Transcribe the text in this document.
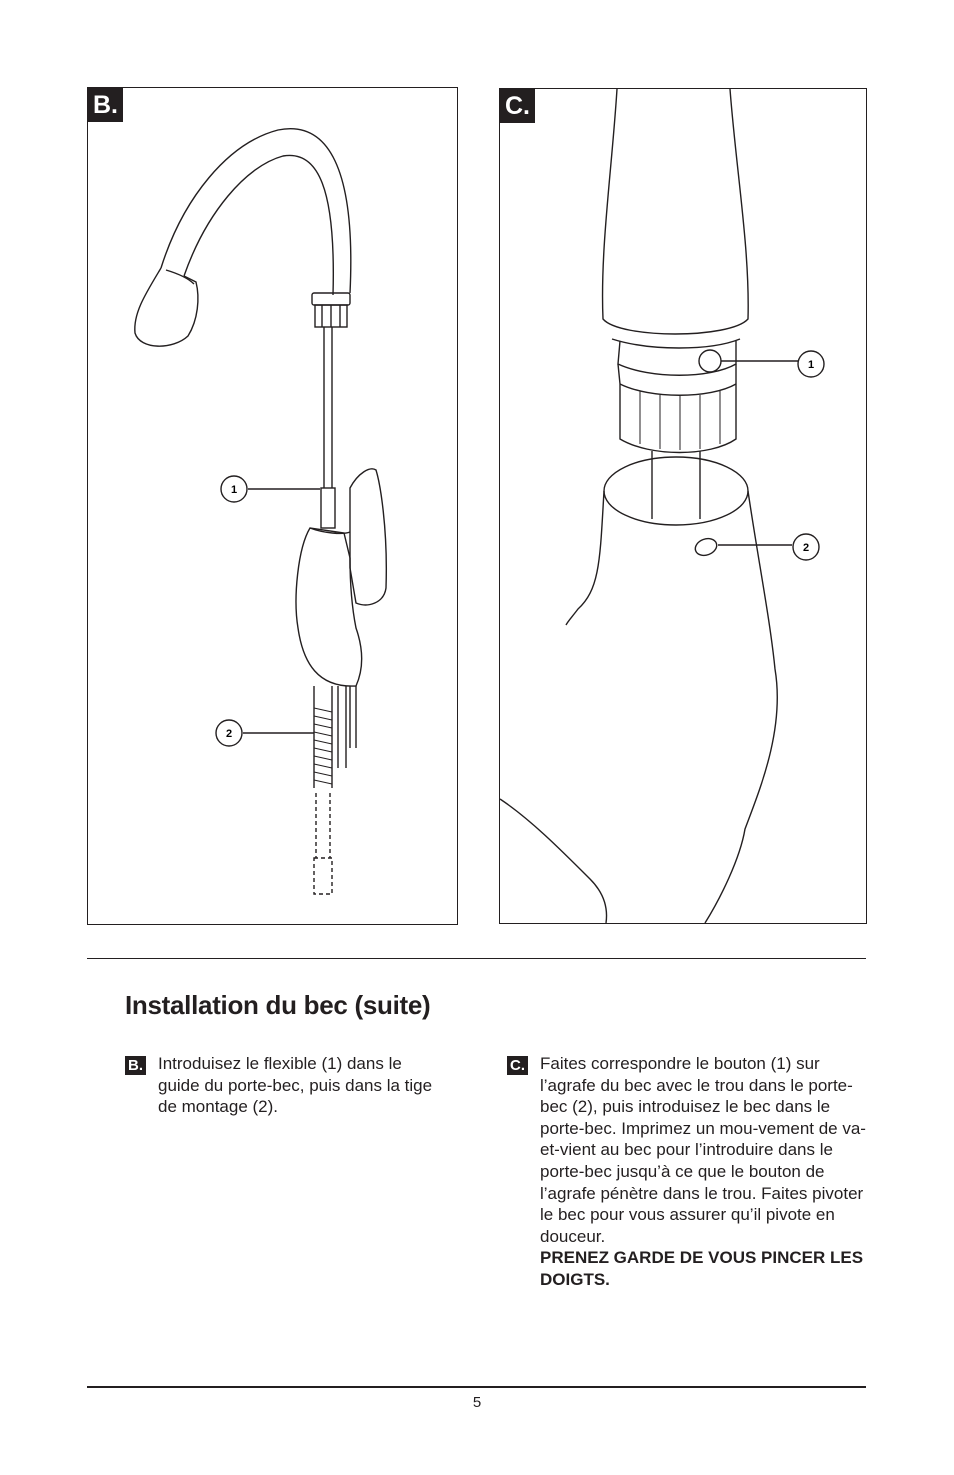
1
2
B.
1
2
C.
Installation du bec (suite)
B. Introduisez le flexible (1) dans le guide du porte-bec, puis dans la tige de montage (2).
C. Faites correspondre le bouton (1) sur l’agrafe du bec avec le trou dans le porte-bec (2), puis introduisez le bec dans le porte-bec. Imprimez un mou-vement de va-et-vient au bec pour l’introduire dans le porte-bec jusqu’à ce que le bouton de l’agrafe pénètre dans le trou. Faites pivoter le bec pour vous assurer qu’il pivote en douceur.
PRENEZ GARDE DE VOUS PINCER LES DOIGTS.
5
